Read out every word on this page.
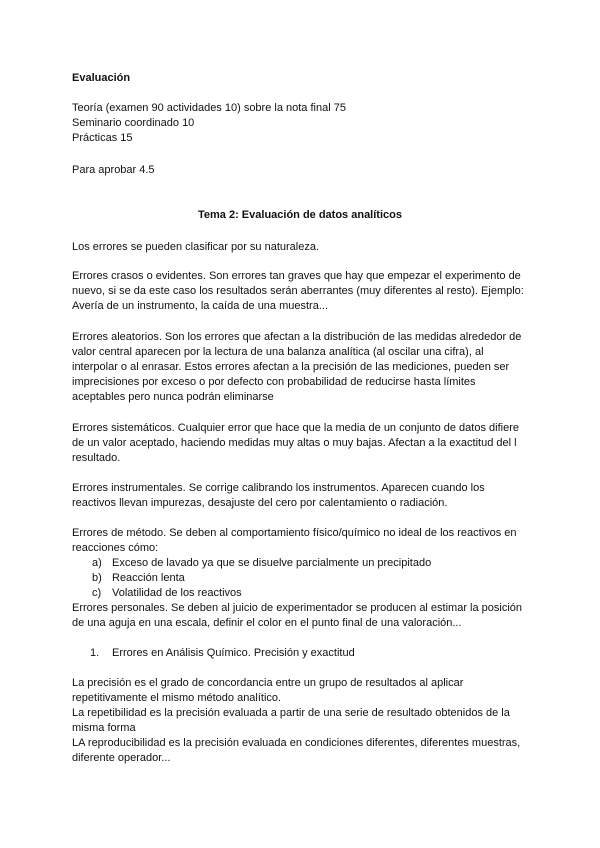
Evaluación
Teoría (examen 90 actividades 10) sobre la nota final 75
Seminario coordinado 10
Prácticas 15
Para aprobar 4.5
Tema 2: Evaluación de datos analíticos
Los errores se pueden clasificar por su naturaleza.
Errores crasos o evidentes. Son errores tan graves que hay que empezar el experimento de
nuevo, si se da este caso los resultados serán aberrantes (muy diferentes al resto). Ejemplo:
Avería de un instrumento, la caída de una muestra...
Errores aleatorios. Son los errores que afectan a la distribución de las medidas alrededor de
valor central aparecen por la lectura de una balanza analítica (al oscilar una cifra), al
interpolar o al enrasar. Estos errores afectan a la precisión de las mediciones, pueden ser
imprecisiones por exceso o por defecto con probabilidad de reducirse hasta límites
aceptables pero nunca podrán eliminarse
Errores sistemáticos. Cualquier error que hace que la media de un conjunto de datos difiere
de un valor aceptado, haciendo medidas muy altas o muy bajas. Afectan a la exactitud del l
resultado.
Errores instrumentales. Se corrige calibrando los instrumentos. Aparecen cuando los
reactivos llevan impurezas, desajuste del cero por calentamiento o radiación.
Errores de método. Se deben al comportamiento físico/químico no ideal de los reactivos en
reacciones cómo:
a) Exceso de lavado ya que se disuelve parcialmente un precipitado
b) Reacción lenta
c) Volatilidad de los reactivos
Errores personales. Se deben al juicio de experimentador se producen al estimar la posición
de una aguja en una escala, definir el color en el punto final de una valoración...
1. Errores en Análisis Químico. Precisión y exactitud
La precisión es el grado de concordancia entre un grupo de resultados al aplicar
repetitivamente el mismo método analítico.
La repetibilidad es la precisión evaluada a partir de una serie de resultado obtenidos de la
misma forma
LA reproducibilidad es la precisión evaluada en condiciones diferentes, diferentes muestras,
diferente operador...
